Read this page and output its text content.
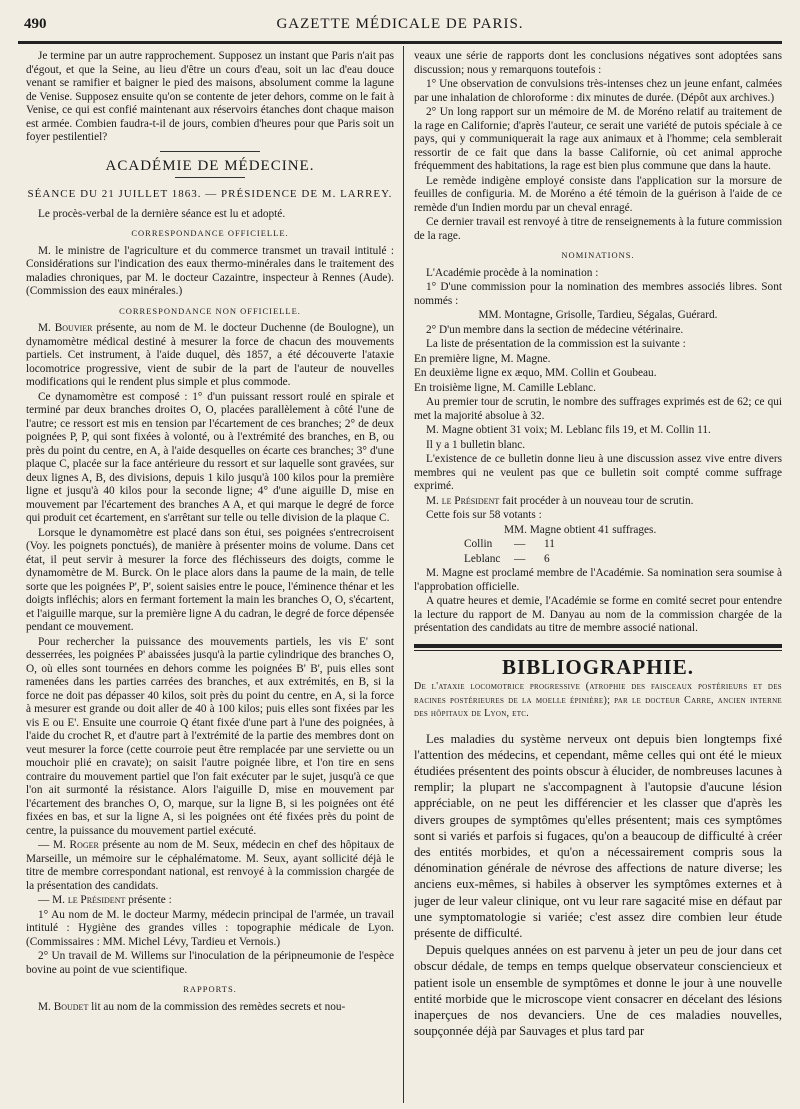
490	GAZETTE MÉDICALE DE PARIS.

Je termine par un autre rapprochement. Supposez un instant que Paris n'ait pas d'égout, et que la Seine, au lieu d'être un cours d'eau, soit un lac d'eau douce venant se ramifier et baigner le pied des maisons, absolument comme la lagune de Venise. Supposez ensuite qu'on se contente de jeter dehors, comme on le fait à Venise, ce qui est confié maintenant aux réservoirs étanches dont chaque maison est armée. Combien faudra-t-il de jours, combien d'heures pour que Paris soit un foyer pestilentiel?

ACADÉMIE DE MÉDECINE.
SÉANCE DU 21 JUILLET 1863. — PRÉSIDENCE DE M. LARREY.

Le procès-verbal de la dernière séance est lu et adopté.

CORRESPONDANCE OFFICIELLE.

M. le ministre de l'agriculture et du commerce transmet un travail intitulé : Considérations sur l'indication des eaux thermo-minérales dans le traitement des maladies chroniques, par M. le docteur Cazaintre, inspecteur à Rennes (Aude). (Commission des eaux minérales.)

CORRESPONDANCE NON OFFICIELLE.

M. Bouvier présente, au nom de M. le docteur Duchenne (de Boulogne), un dynamomètre médical destiné à mesurer la force de chacun des mouvements partiels. Cet instrument, à l'aide duquel, dès 1857, a été découverte l'ataxie locomotrice progressive, vient de subir de la part de l'auteur de nouvelles modifications qui le rendent plus simple et plus commode.

Ce dynamomètre est composé : 1° d'un puissant ressort roulé en spirale et terminé par deux branches droites O, O, placées parallèlement à côté l'une de l'autre; ce ressort est mis en tension par l'écartement de ces branches; 2° de deux poignées P, P, qui sont fixées à volonté, ou à l'extrémité des branches, en B, ou près du point du centre, en A, à l'aide desquelles on écarte ces branches; 3° d'une plaque C, placée sur la face antérieure du ressort et sur laquelle sont gravées, sur deux lignes A, B, des divisions, depuis 1 kilo jusqu'à 100 kilos pour la première ligne et jusqu'à 40 kilos pour la seconde ligne; 4° d'une aiguille D, mise en mouvement par l'écartement des branches A A, et qui marque le degré de force qui produit cet écartement, en s'arrêtant sur telle ou telle division de la plaque C.

Lorsque le dynamomètre est placé dans son étui, ses poignées s'entrecroisent (Voy. les poignets ponctués), de manière à présenter moins de volume. Dans cet état, il peut servir à mesurer la force des fléchisseurs des doigts, comme le dynamomètre de M. Burck. On le place alors dans la paume de la main, de telle sorte que les poignées P', P', soient saisies entre le pouce, l'éminence thénar et les doigts infléchis; alors en fermant fortement la main les branches O, O, s'écartent, et l'aiguille marque, sur la première ligne A du cadran, le degré de force dépensée pendant ce mouvement.

Pour rechercher la puissance des mouvements partiels, les vis E' sont desserrées, les poignées P' abaissées jusqu'à la partie cylindrique des branches O, O, où elles sont tournées en dehors comme les poignées B' B', puis elles sont ramenées dans les parties carrées des branches, et aux extrémités, en B, si la force ne doit pas dépasser 40 kilos, soit près du point du centre, en A, si la force à mesurer est grande ou doit aller de 40 à 100 kilos; puis elles sont fixées par les vis E ou E'. Ensuite une courroie Q étant fixée d'une part à l'une des poignées, à l'aide du crochet R, et d'autre part à l'extrémité de la partie des membres dont on veut mesurer la force (cette courroie peut être remplacée par une serviette ou un mouchoir plié en cravate); on saisit l'autre poignée libre, et l'on tire en sens contraire du mouvement partiel que l'on fait exécuter par le sujet, jusqu'à ce que l'on ait surmonté la résistance. Alors l'aiguille D, mise en mouvement par l'écartement des branches O, O, marque, sur la ligne B, si les poignées ont été fixées en bas, et sur la ligne A, si les poignées ont été fixées près du point de centre, la puissance du mouvement partiel exécuté.

— M. Roger présente au nom de M. Seux, médecin en chef des hôpitaux de Marseille, un mémoire sur le céphalématome. M. Seux, ayant sollicité déjà le titre de membre correspondant national, est renvoyé à la commission chargée de la présentation des candidats.

— M. le Président présente :

1° Au nom de M. le docteur Marmy, médecin principal de l'armée, un travail intitulé : Hygiène des grandes villes : topographie médicale de Lyon. (Commissaires : MM. Michel Lévy, Tardieu et Vernois.)

2° Un travail de M. Willems sur l'inoculation de la péripneumonie de l'espèce bovine au point de vue scientifique.

RAPPORTS.

M. Boudet lit au nom de la commission des remèdes secrets et nou-

veaux une série de rapports dont les conclusions négatives sont adoptées sans discussion; nous y remarquons toutefois :

1° Une observation de convulsions très-intenses chez un jeune enfant, calmées par une inhalation de chloroforme : dix minutes de durée. (Dépôt aux archives.)

2° Un long rapport sur un mémoire de M. de Moréno relatif au traitement de la rage en Californie; d'après l'auteur, ce serait une variété de putois spéciale à ce pays, qui y communiquerait la rage aux animaux et à l'homme; cela semblerait ressortir de ce fait que dans la basse Californie, où cet animal approche fréquemment des habitations, la rage est bien plus commune que dans la haute.

Le remède indigène employé consiste dans l'application sur la morsure de feuilles de configuria. M. de Moréno a été témoin de la guérison à l'aide de ce remède d'un Indien mordu par un cheval enragé.

Ce dernier travail est renvoyé à titre de renseignements à la future commission de la rage.

NOMINATIONS.

L'Académie procède à la nomination :

1° D'une commission pour la nomination des membres associés libres. Sont nommés :

MM. Montagne, Grisolle, Tardieu, Ségalas, Guérard.

2° D'un membre dans la section de médecine vétérinaire.

La liste de présentation de la commission est la suivante :

En première ligne, M. Magne.

En deuxième ligne ex æquo, MM. Collin et Goubeau.

En troisième ligne, M. Camille Leblanc.

Au premier tour de scrutin, le nombre des suffrages exprimés est de 62; ce qui met la majorité absolue à 32.

M. Magne obtient 31 voix; M. Leblanc fils 19, et M. Collin 11.

Il y a 1 bulletin blanc.

L'existence de ce bulletin donne lieu à une discussion assez vive entre divers membres qui ne veulent pas que ce bulletin soit compté comme suffrage exprimé.

M. le Président fait procéder à un nouveau tour de scrutin.

Cette fois sur 58 votants :

MM. Magne obtient 41 suffrages.

Collin — 11

Leblanc — 6

M. Magne est proclamé membre de l'Académie. Sa nomination sera soumise à l'approbation officielle.

A quatre heures et demie, l'Académie se forme en comité secret pour entendre la lecture du rapport de M. Danyau au nom de la commission chargée de la présentation des candidats au titre de membre associé national.

BIBLIOGRAPHIE.

De l'ataxie locomotrice progressive (atrophie des faisceaux postérieurs et des racines postérieures de la moelle épinière); par le docteur Carre, ancien interne des hôpitaux de Lyon, etc.

Les maladies du système nerveux ont depuis bien longtemps fixé l'attention des médecins, et cependant, même celles qui ont été le mieux étudiées présentent des points obscur à élucider, de nombreuses lacunes à remplir; la plupart ne s'accompagnent à l'autopsie d'aucune lésion appréciable, on ne peut les différencier et les classer que d'après les divers groupes de symptômes qu'elles présentent; mais ces symptômes sont si variés et parfois si fugaces, qu'on a beaucoup de difficulté à créer des entités morbides, et qu'on a nécessairement compris sous la dénomination générale de névrose des affections de nature diverse; les anciens eux-mêmes, si habiles à observer les symptômes externes et à juger de leur valeur clinique, ont vu leur rare sagacité mise en défaut par une symptomatologie si variée; c'est assez dire combien leur étude présente de difficulté.

Depuis quelques années on est parvenu à jeter un peu de jour dans cet obscur dédale, de temps en temps quelque observateur consciencieux et patient isole un ensemble de symptômes et donne le jour à une nouvelle entité morbide que le microscope vient consacrer en décelant des lésions inaperçues de nos devanciers. Une de ces maladies nouvelles, soupçonnée déjà par Sauvages et plus tard par
